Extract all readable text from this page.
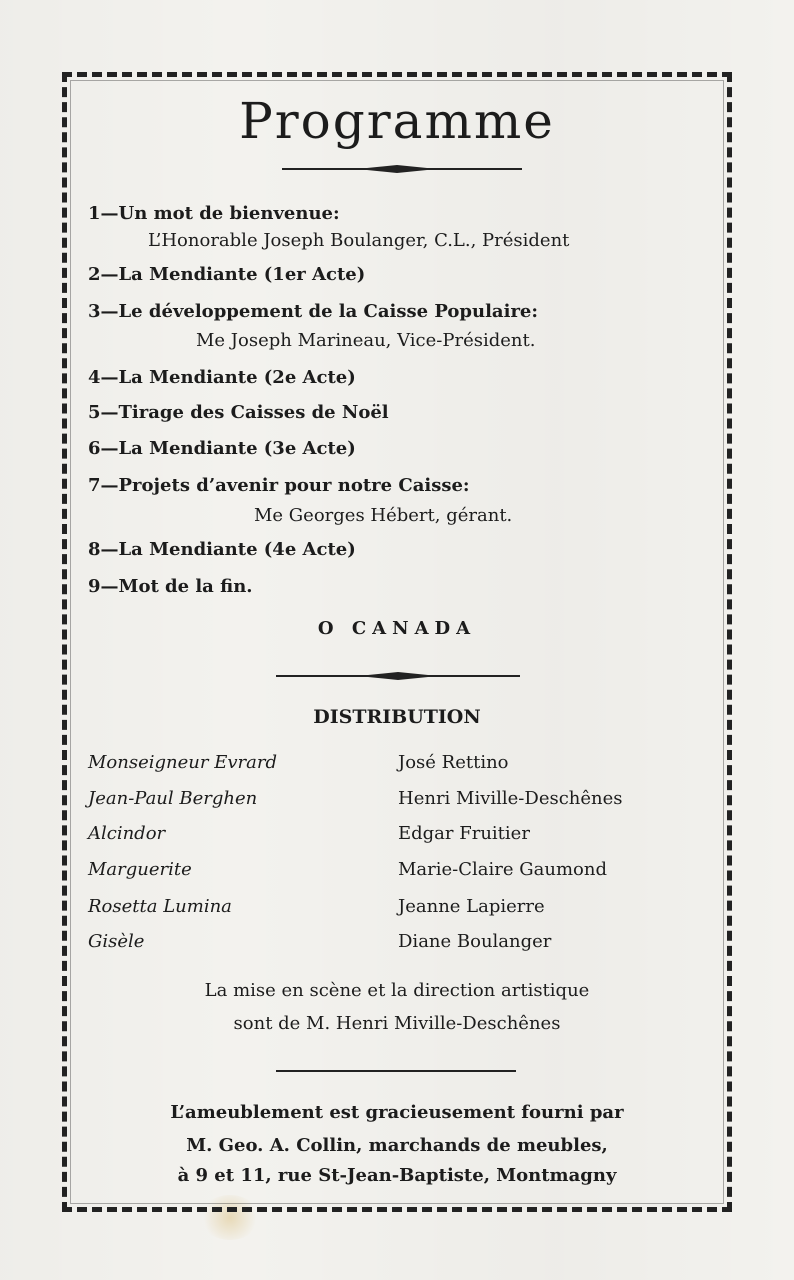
Programme
1—Un mot de bienvenue:
L’Honorable Joseph Boulanger, C.L., Président
2—La Mendiante (1er Acte)
3—Le développement de la Caisse Populaire:
Me Joseph Marineau, Vice-Président.
4—La Mendiante (2e Acte)
5—Tirage des Caisses de Noël
6—La Mendiante (3e Acte)
7—Projets d’avenir pour notre Caisse:
Me Georges Hébert, gérant.
8—La Mendiante (4e Acte)
9—Mot de la fin.
O CANADA
DISTRIBUTION
Monseigneur Evrard	José Rettino
Jean-Paul Berghen	Henri Miville-Deschênes
Alcindor	Edgar Fruitier
Marguerite	Marie-Claire Gaumond
Rosetta Lumina	Jeanne Lapierre
Gisèle	Diane Boulanger
La mise en scène et la direction artistique
sont de M. Henri Miville-Deschênes
L’ameublement est gracieusement fourni par
M. Geo. A. Collin, marchands de meubles,
à 9 et 11, rue St-Jean-Baptiste, Montmagny
